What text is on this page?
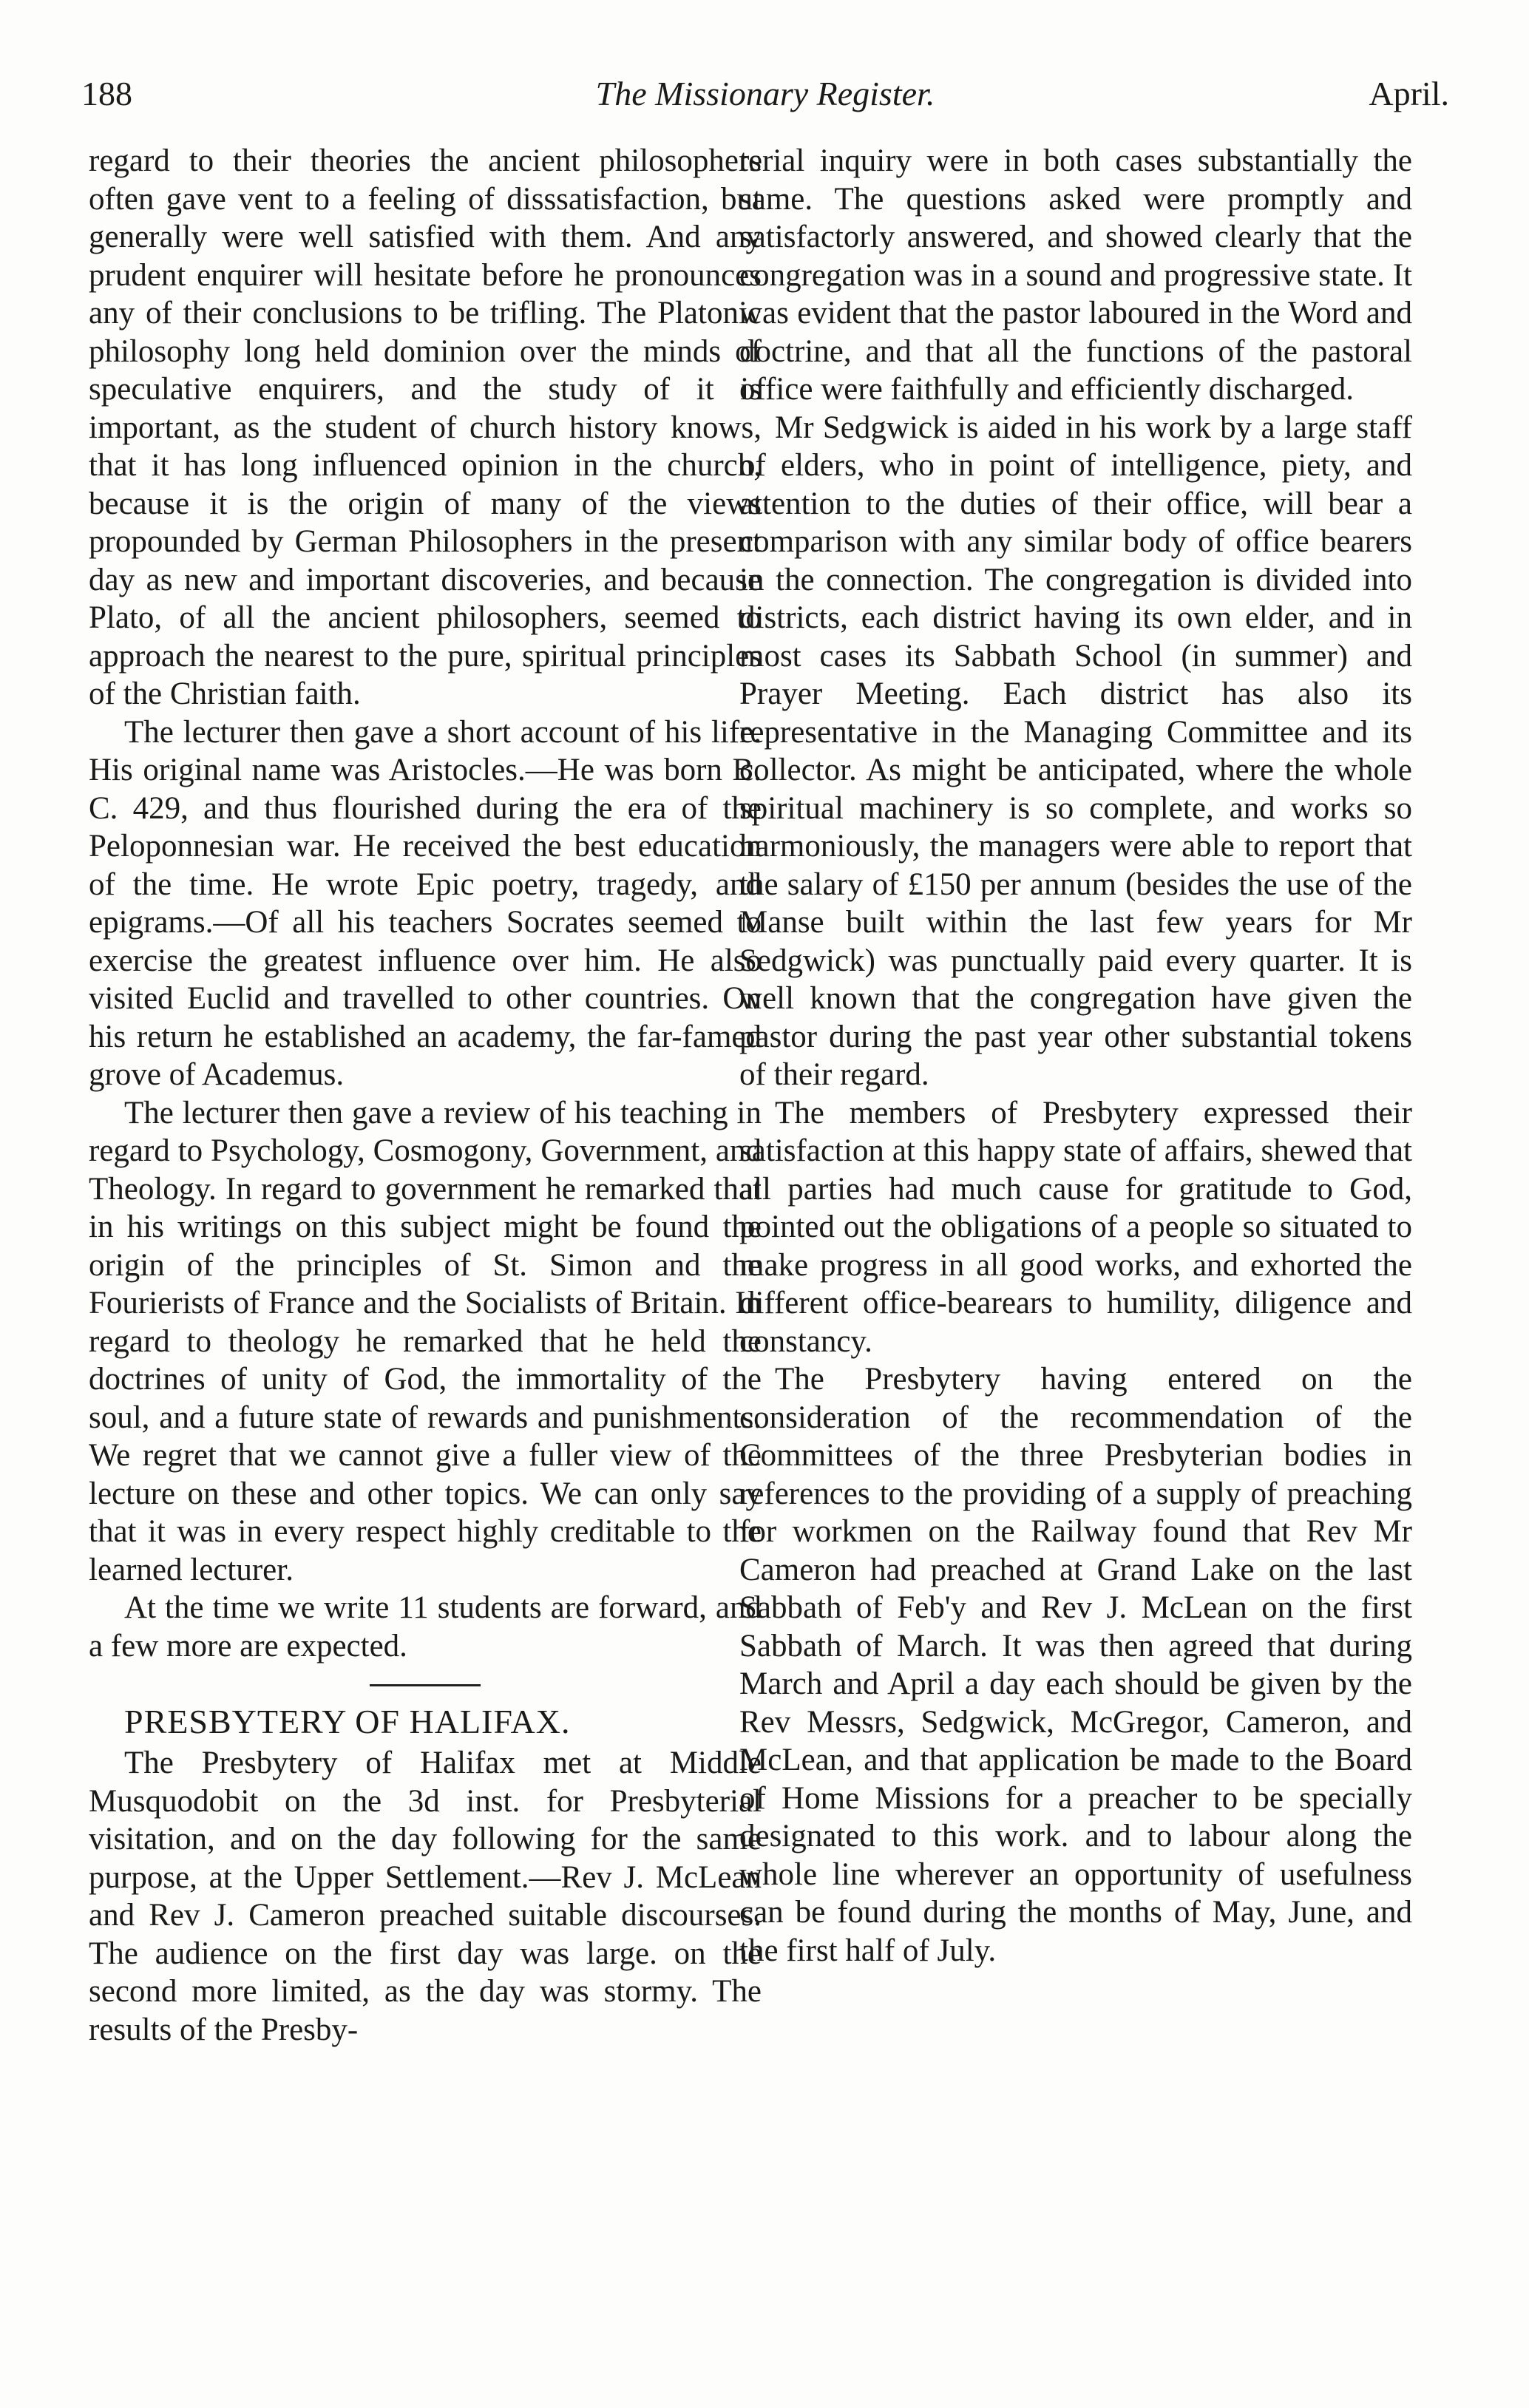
188	The Missionary Register.	April.

regard to their theories the ancient philosophers often gave vent to a feeling of disssatisfaction, but generally were well satisfied with them. And any prudent enquirer will hesitate before he pronounces any of their conclusions to be trifling. The Platonic philosophy long held dominion over the minds of speculative enquirers, and the study of it is important, as the student of church history knows, that it has long influenced opinion in the church, because it is the origin of many of the views propounded by German Philosophers in the present day as new and important discoveries, and because Plato, of all the ancient philosophers, seemed to approach the nearest to the pure, spiritual principles of the Christian faith.

The lecturer then gave a short account of his life. His original name was Aristocles.—He was born B. C. 429, and thus flourished during the era of the Peloponnesian war. He received the best education of the time. He wrote Epic poetry, tragedy, and epigrams.—Of all his teachers Socrates seemed to exercise the greatest influence over him. He also visited Euclid and travelled to other countries. On his return he established an academy, the far-famed grove of Academus.

The lecturer then gave a review of his teaching in regard to Psychology, Cosmogony, Government, and Theology. In regard to government he remarked that in his writings on this subject might be found the origin of the principles of St. Simon and the Fourierists of France and the Socialists of Britain. In regard to theology he remarked that he held the doctrines of unity of God, the immortality of the soul, and a future state of rewards and punishments. We regret that we cannot give a fuller view of the lecture on these and other topics. We can only say that it was in every respect highly creditable to the learned lecturer.

At the time we write 11 students are forward, and a few more are expected.

PRESBYTERY OF HALIFAX.

The Presbytery of Halifax met at Middle Musquodobit on the 3d inst. for Presbyterial visitation, and on the day following for the same purpose, at the Upper Settlement.—Rev J. McLean and Rev J. Cameron preached suitable discourses. The audience on the first day was large. on the second more limited, as the day was stormy. The results of the Presby-

terial inquiry were in both cases substantially the same. The questions asked were promptly and satisfactorly answered, and showed clearly that the congregation was in a sound and progressive state. It was evident that the pastor laboured in the Word and doctrine, and that all the functions of the pastoral office were faithfully and efficiently discharged.

Mr Sedgwick is aided in his work by a large staff of elders, who in point of intelligence, piety, and attention to the duties of their office, will bear a comparison with any similar body of office bearers in the connection. The congregation is divided into districts, each district having its own elder, and in most cases its Sabbath School (in summer) and Prayer Meeting. Each district has also its representative in the Managing Committee and its collector. As might be anticipated, where the whole spiritual machinery is so complete, and works so harmoniously, the managers were able to report that the salary of £150 per annum (besides the use of the Manse built within the last few years for Mr Sedgwick) was punctually paid every quarter. It is well known that the congregation have given the pastor during the past year other substantial tokens of their regard.

The members of Presbytery expressed their satisfaction at this happy state of affairs, shewed that all parties had much cause for gratitude to God, pointed out the obligations of a people so situated to make progress in all good works, and exhorted the different office-bearears to humility, diligence and constancy.

The Presbytery having entered on the consideration of the recommendation of the Committees of the three Presbyterian bodies in references to the providing of a supply of preaching for workmen on the Railway found that Rev Mr Cameron had preached at Grand Lake on the last Sabbath of Feb'y and Rev J. McLean on the first Sabbath of March. It was then agreed that during March and April a day each should be given by the Rev Messrs, Sedgwick, McGregor, Cameron, and McLean, and that application be made to the Board of Home Missions for a preacher to be specially designated to this work. and to labour along the whole line wherever an opportunity of usefulness can be found during the months of May, June, and the first half of July.
